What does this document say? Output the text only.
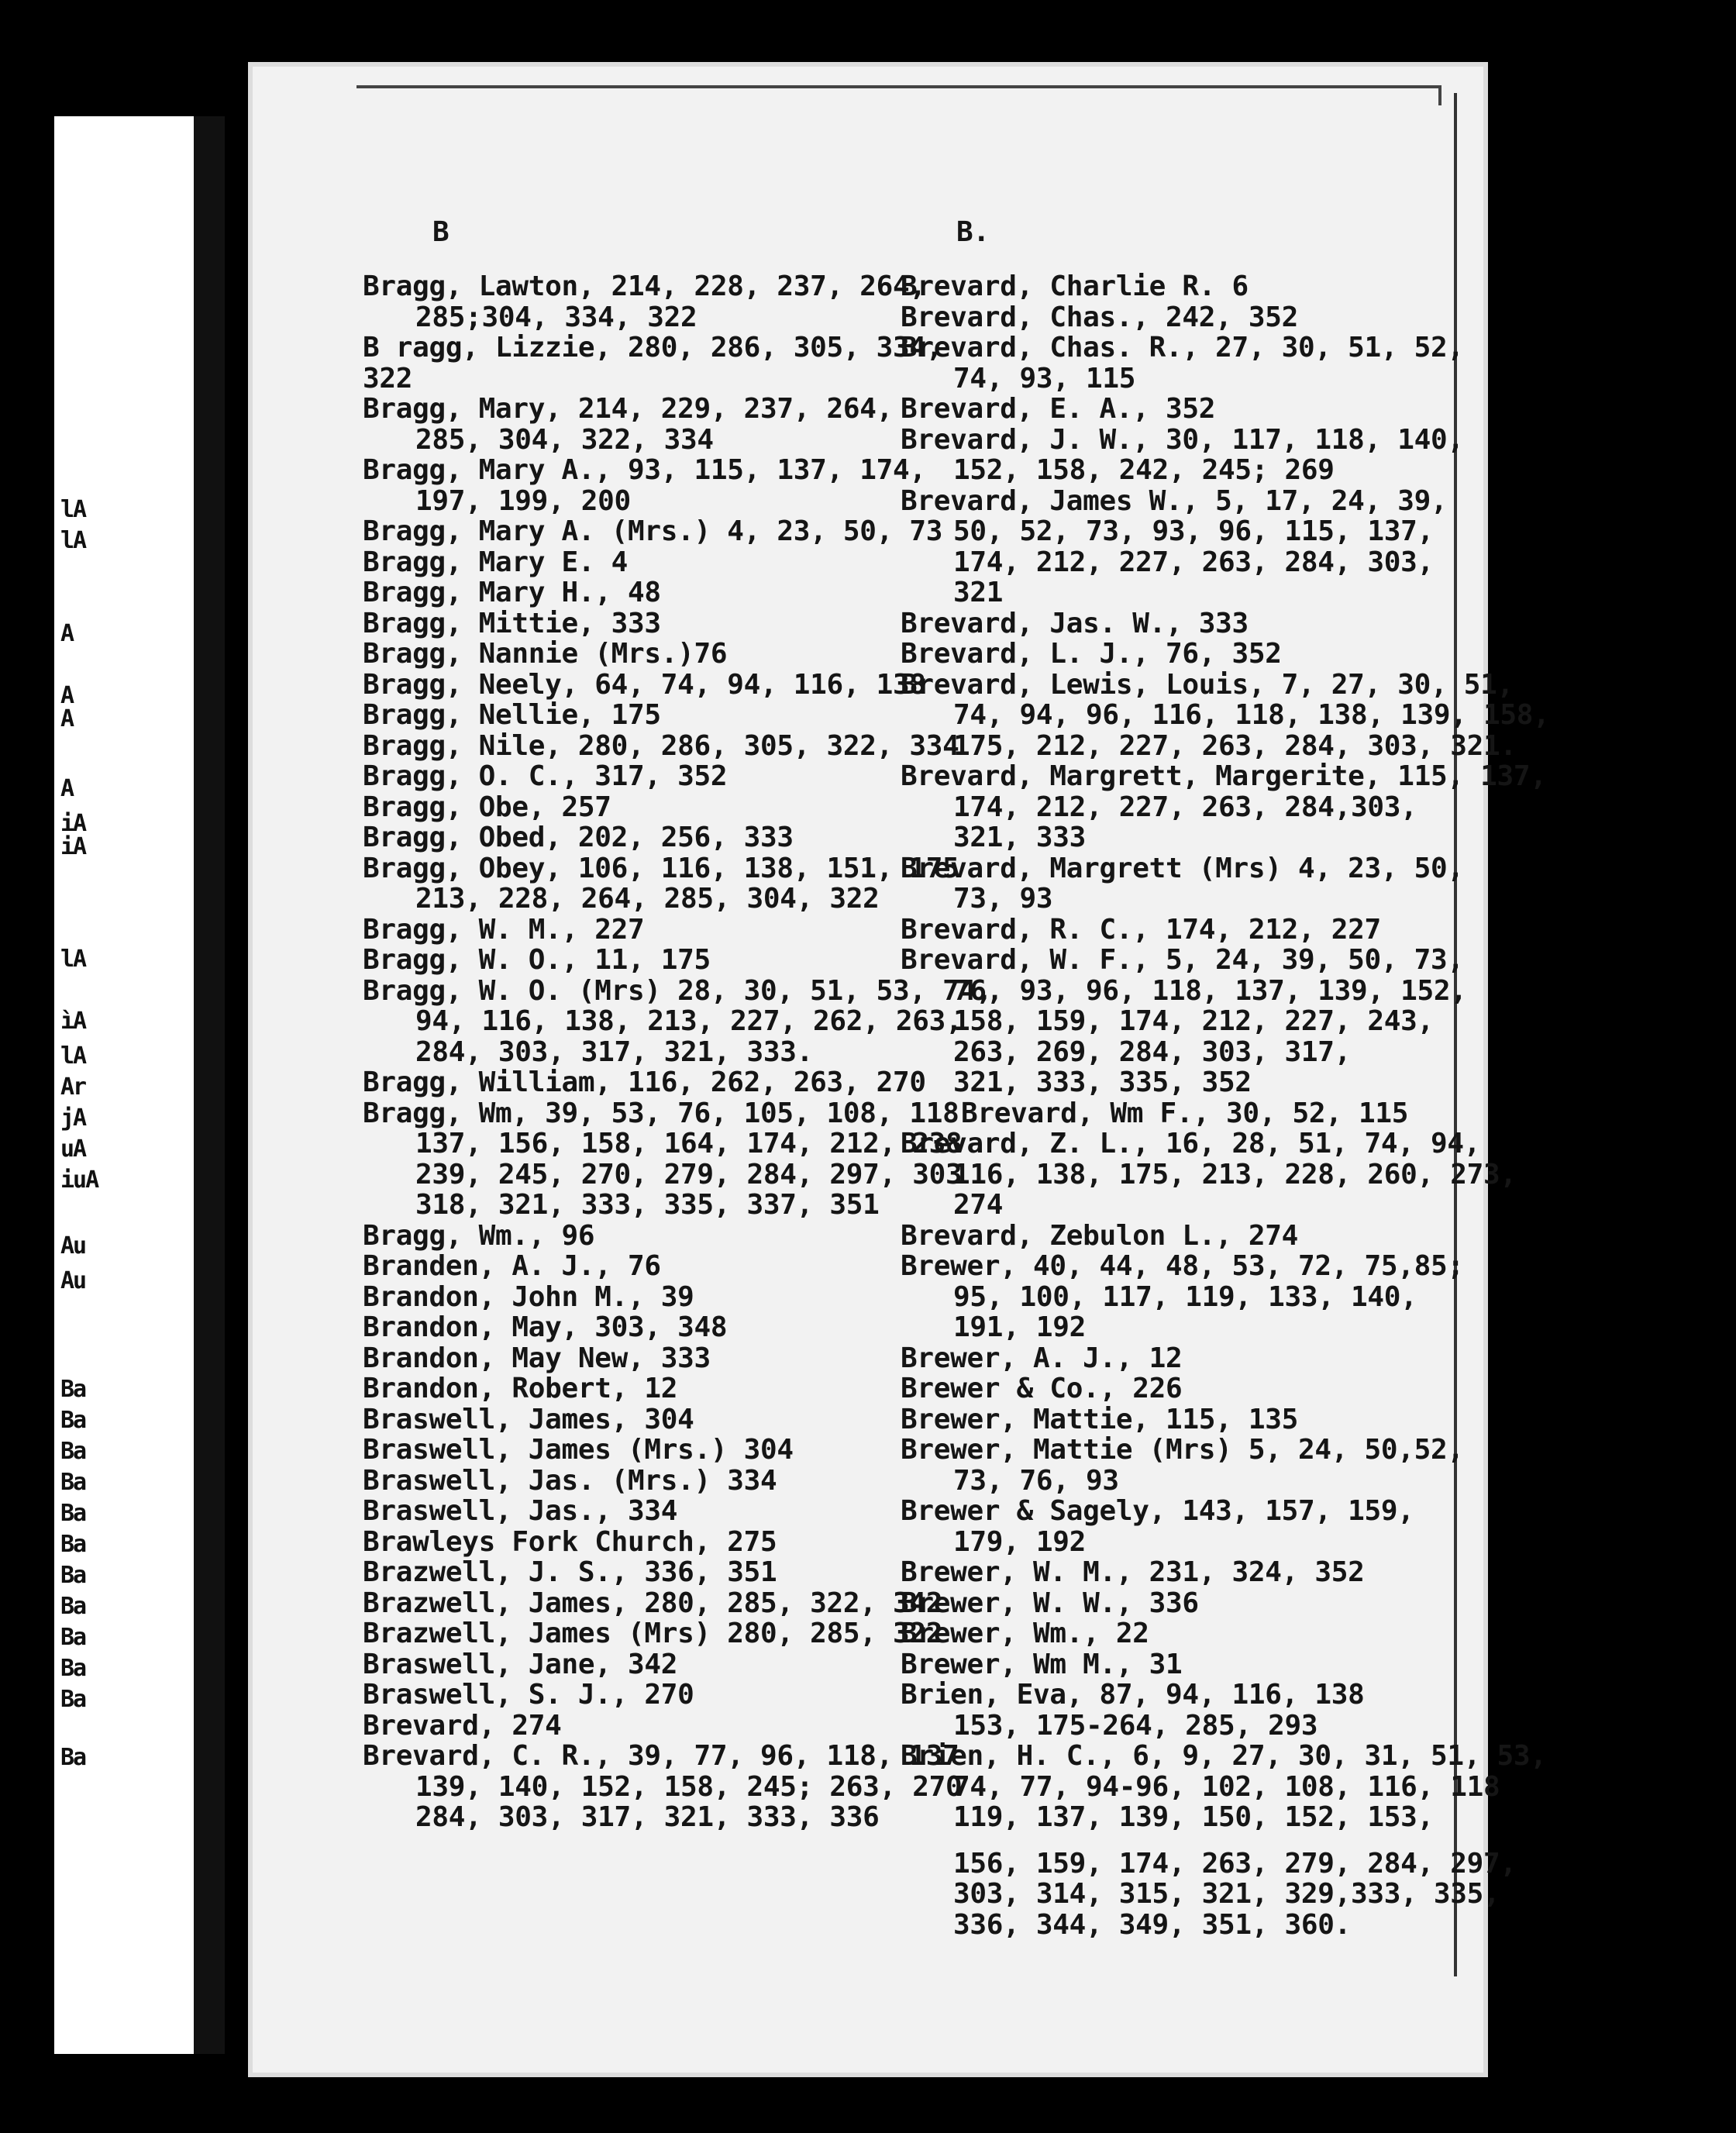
lA
lA
A
A
A
A
iA
iA
lA
ìA
lA
Ar
jA
uA
iuA
Au
Au
Ba
Ba
Ba
Ba
Ba
Ba
Ba
Ba
Ba
Ba
Ba
Ba
B
Bragg, Lawton, 214, 228, 237, 264,
285;304, 334, 322
B ragg, Lizzie, 280, 286, 305, 334,
322
Bragg, Mary, 214, 229, 237, 264,
285, 304, 322, 334
Bragg, Mary A., 93, 115, 137, 174,
197, 199, 200
Bragg, Mary A. (Mrs.) 4, 23, 50, 73
Bragg, Mary E. 4
Bragg, Mary H., 48
Bragg, Mittie, 333
Bragg, Nannie (Mrs.)76
Bragg, Neely, 64, 74, 94, 116, 138
Bragg, Nellie, 175
Bragg, Nile, 280, 286, 305, 322, 334
Bragg, O. C., 317, 352
Bragg, Obe, 257
Bragg, Obed, 202, 256, 333
Bragg, Obey, 106, 116, 138, 151, 175
213, 228, 264, 285, 304, 322
Bragg, W. M., 227
Bragg, W. O., 11, 175
Bragg, W. O. (Mrs) 28, 30, 51, 53, 74,
94, 116, 138, 213, 227, 262, 263,
284, 303, 317, 321, 333.
Bragg, William, 116, 262, 263, 270
Bragg, Wm, 39, 53, 76, 105, 108, 118
137, 156, 158, 164, 174, 212, 238
239, 245, 270, 279, 284, 297, 303
318, 321, 333, 335, 337, 351
Bragg, Wm., 96
Branden, A. J., 76
Brandon, John M., 39
Brandon, May, 303, 348
Brandon, May New, 333
Brandon, Robert, 12
Braswell, James, 304
Braswell, James (Mrs.) 304
Braswell, Jas. (Mrs.) 334
Braswell, Jas., 334
Brawleys Fork Church, 275
Brazwell, J. S., 336, 351
Brazwell, James, 280, 285, 322, 342
Brazwell, James (Mrs) 280, 285, 322
Braswell, Jane, 342
Braswell, S. J., 270
Brevard, 274
Brevard, C. R., 39, 77, 96, 118, 137
139, 140, 152, 158, 245; 263, 270
284, 303, 317, 321, 333, 336
B.
Brevard, Charlie R. 6
Brevard, Chas., 242, 352
Brevard, Chas. R., 27, 30, 51, 52,
74, 93, 115
Brevard, E. A., 352
Brevard, J. W., 30, 117, 118, 140,
152, 158, 242, 245; 269
Brevard, James W., 5, 17, 24, 39,
50, 52, 73, 93, 96, 115, 137,
174, 212, 227, 263, 284, 303,
321
Brevard, Jas. W., 333
Brevard, L. J., 76, 352
Brevard, Lewis, Louis, 7, 27, 30, 51,
74, 94, 96, 116, 118, 138, 139, 158,
175, 212, 227, 263, 284, 303, 321.
Brevard, Margrett, Margerite, 115, 137,
174, 212, 227, 263, 284,303,
321, 333
Brevard, Margrett (Mrs) 4, 23, 50,
73, 93
Brevard, R. C., 174, 212, 227
Brevard, W. F., 5, 24, 39, 50, 73,
76, 93, 96, 118, 137, 139, 152,
158, 159, 174, 212, 227, 243,
263, 269, 284, 303, 317,
321, 333, 335, 352
Brevard, Wm F., 30, 52, 115
Brevard, Z. L., 16, 28, 51, 74, 94,
116, 138, 175, 213, 228, 260, 273,
274
Brevard, Zebulon L., 274
Brewer, 40, 44, 48, 53, 72, 75,85;
95, 100, 117, 119, 133, 140,
191, 192
Brewer, A. J., 12
Brewer & Co., 226
Brewer, Mattie, 115, 135
Brewer, Mattie (Mrs) 5, 24, 50,52,
73, 76, 93
Brewer & Sagely, 143, 157, 159,
179, 192
Brewer, W. M., 231, 324, 352
Brewer, W. W., 336
Brewer, Wm., 22
Brewer, Wm M., 31
Brien, Eva, 87, 94, 116, 138
153, 175-264, 285, 293
Brien, H. C., 6, 9, 27, 30, 31, 51, 53,
74, 77, 94-96, 102, 108, 116, 118
119, 137, 139, 150, 152, 153,
156, 159, 174, 263, 279, 284, 297,
303, 314, 315, 321, 329,333, 335,
336, 344, 349, 351, 360.
